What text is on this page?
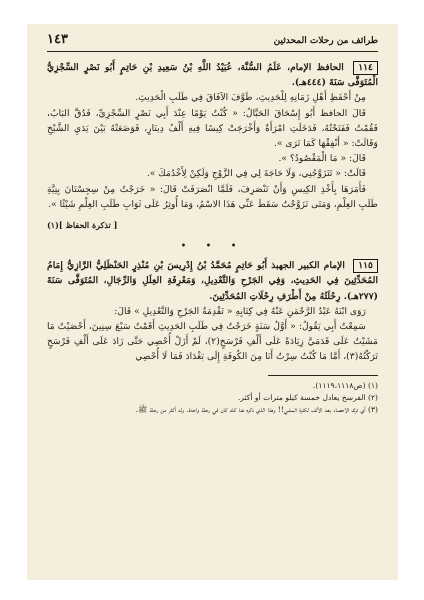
طرائف من رحلات المحدثين
١٤٣

١١٤ الحافظ الإمام، عَلَمُ السُّنَّة، عُبَيْدُ اللَّهِ بْنُ سَعِيدِ بْنِ حَاتِمٍ أَبُو نَصْرٍ السِّجْزِيُّ الْمُتَوَفَّى سَنَةَ (٤٤٤هـ).

مِنْ أَحْفَظِ أَهْلِ زَمَانِهِ لِلْحَدِيثِ، طَوَّفَ الآفَاقَ فِي طَلَبِ الْحَدِيثِ.

قَالَ الحافظ أَبُو إِسْحَاقَ الحَبَّالُ: « كُنْتُ يَوْمًا عِنْدَ أَبِي نَصْرٍ السِّجْزِيِّ، فَدُقَّ البَابُ، فَقُمْتُ فَفَتَحْتُهُ، فَدَخَلَتِ امْرَأَةٌ وَأَخْرَجَتْ كِيسًا فِيهِ أَلْفُ دِينَارٍ، فَوَضَعَتْهُ بَيْنَ يَدَيِ الشَّيْخِ وَقَالَتْ: « أَنْفِقْهَا كَمَا تَرَى ».

قَالَ: « مَا الْمَقْصُودُ؟ ».

قَالَتْ: « تَتَزَوَّجُنِي، وَلَا حَاجَةَ لِي فِي الزَّوْجِ وَلَكِنْ لِأَخْدُمَكَ ».

فَأَمَرَهَا بِأَخْذِ الكِيسِ وَأَنْ تَنْصَرِفَ، فَلَمَّا انْصَرَفَتْ قَالَ: « خَرَجْتُ مِنْ سِجِسْتَانَ بِنِيَّةِ طَلَبِ العِلْمِ، وَمَتَى تَزَوَّجْتُ سَقَطَ عَنِّي هَذَا الاسْمُ، وَمَا أُوثِرُ عَلَى ثَوَابِ طَلَبِ العِلْمِ شَيْئًا ».

[ تذكرة الحفاظ ](١)
• • •

١١٥ الإمام الكبير الجهبذ أَبُو حَاتِمٍ مُحَمَّدُ بْنُ إِدْرِيسَ بْنِ مُنْذِرٍ الحَنْظَلِيُّ الرَّازِيُّ إِمَامُ المُحَدِّثِينَ فِي الحَدِيثِ، وَفِي الجَرْحِ وَالتَّعْدِيلِ، وَمَعْرِفَةِ العِلَلِ وَالرِّجَالِ، المُتَوَفَّى سَنَةَ (٢٧٧هـ). رِحْلَتُهُ مِنْ أَطْرَفِ رِحْلَاتِ المُحَدِّثِينَ.

رَوَى ابْنَهُ عَبْدُ الرَّحْمَنِ عَنْهُ فِي كِتَابِهِ « تَقْدِمَةُ الجَرْحِ وَالتَّعْدِيلِ » قَالَ:

سَمِعْتُ أَبِي يَقُولُ: « أَوَّلُ سَنَةٍ خَرَجْتُ فِي طَلَبِ الحَدِيثِ أَقَمْتُ سَبْعَ سِنِينَ، أَحْصَيْتُ مَا مَشَيْتُ عَلَى قَدَمَيَّ زِيَادَةً عَلَى أَلْفِ فَرْسَخٍ(٢)، لَمْ أَزَلْ أُحْصِي حَتَّى زَادَ عَلَى أَلْفِ فَرْسَخٍ تَرَكْتُهُ(٣)، أَمَّا مَا كُنْتُ سِرْتُ أَنَا مِنَ الكُوفَةِ إِلَى بَغْدَادَ فَمَا لَا أُحْصِي

(١) (ص١١١٩،١١١٨).

(٢) الفرسخ يعادل خمسة كيلو مترات أو أكثر.

(٣) أي ترك الاحصاء بعد الألف لكثرة المشي!! وهذا الذي ذكره هنا كله كان في رحلة واحدة. وله أكثر من رحلة ﷺ.
